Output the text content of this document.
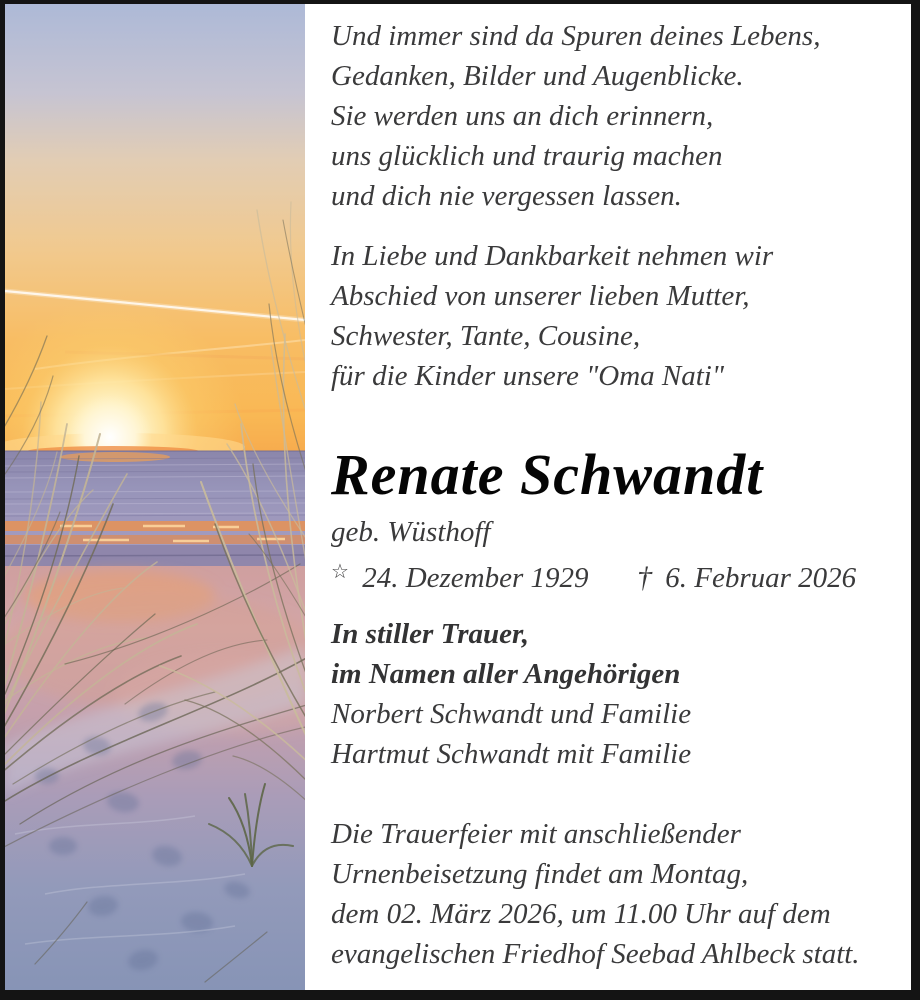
Und immer sind da Spuren deines Lebens,
Gedanken, Bilder und Augenblicke.
Sie werden uns an dich erinnern,
uns glücklich und traurig machen
und dich nie vergessen lassen.

In Liebe und Dankbarkeit nehmen wir
Abschied von unserer lieben Mutter,
Schwester, Tante, Cousine,
für die Kinder unsere "Oma Nati"

Renate Schwandt

geb. Wüsthoff

☆ 24. Dezember 1929 † 6. Februar 2026

In stiller Trauer,
im Namen aller Angehörigen
Norbert Schwandt und Familie
Hartmut Schwandt mit Familie

Die Trauerfeier mit anschließender
Urnenbeisetzung findet am Montag,
dem 02. März 2026, um 11.00 Uhr auf dem
evangelischen Friedhof Seebad Ahlbeck statt.
